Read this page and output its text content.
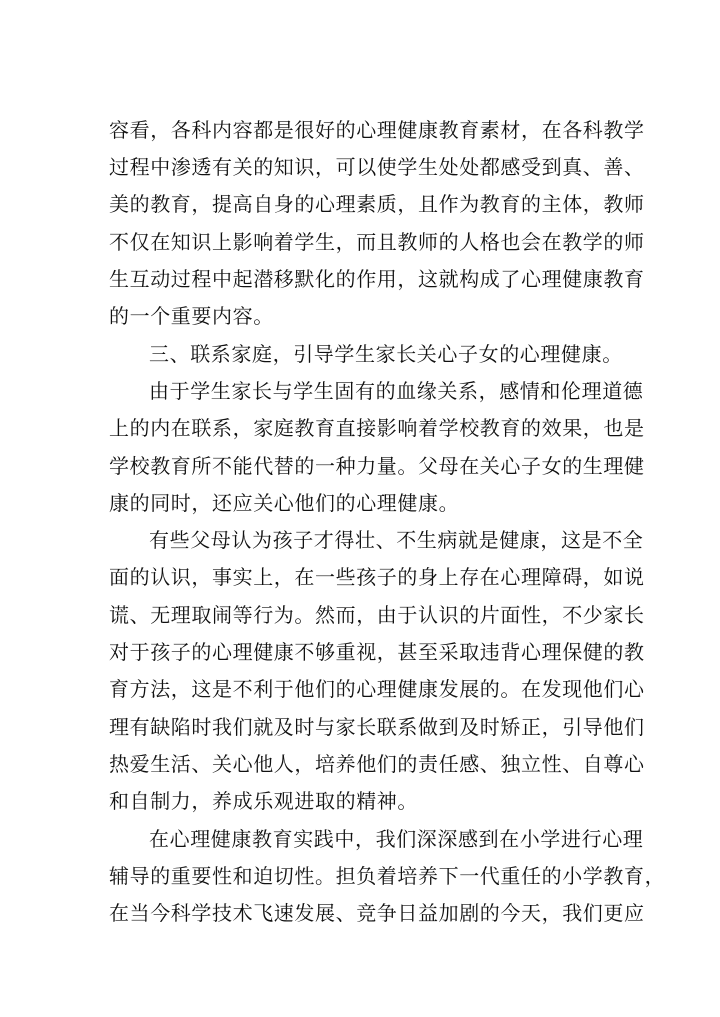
容看，各科内容都是很好的心理健康教育素材，在各科教学
过程中渗透有关的知识，可以使学生处处都感受到真、善、
美的教育，提高自身的心理素质，且作为教育的主体，教师
不仅在知识上影响着学生，而且教师的人格也会在教学的师
生互动过程中起潜移默化的作用，这就构成了心理健康教育
的一个重要内容。
三、联系家庭，引导学生家长关心子女的心理健康。
由于学生家长与学生固有的血缘关系，感情和伦理道德
上的内在联系，家庭教育直接影响着学校教育的效果，也是
学校教育所不能代替的一种力量。父母在关心子女的生理健
康的同时，还应关心他们的心理健康。
有些父母认为孩子才得壮、不生病就是健康，这是不全
面的认识，事实上，在一些孩子的身上存在心理障碍，如说
谎、无理取闹等行为。然而，由于认识的片面性，不少家长
对于孩子的心理健康不够重视，甚至采取违背心理保健的教
育方法，这是不利于他们的心理健康发展的。在发现他们心
理有缺陷时我们就及时与家长联系做到及时矫正，引导他们
热爱生活、关心他人，培养他们的责任感、独立性、自尊心
和自制力，养成乐观进取的精神。
在心理健康教育实践中，我们深深感到在小学进行心理
辅导的重要性和迫切性。担负着培养下一代重任的小学教育，
在当今科学技术飞速发展、竞争日益加剧的今天，我们更应
